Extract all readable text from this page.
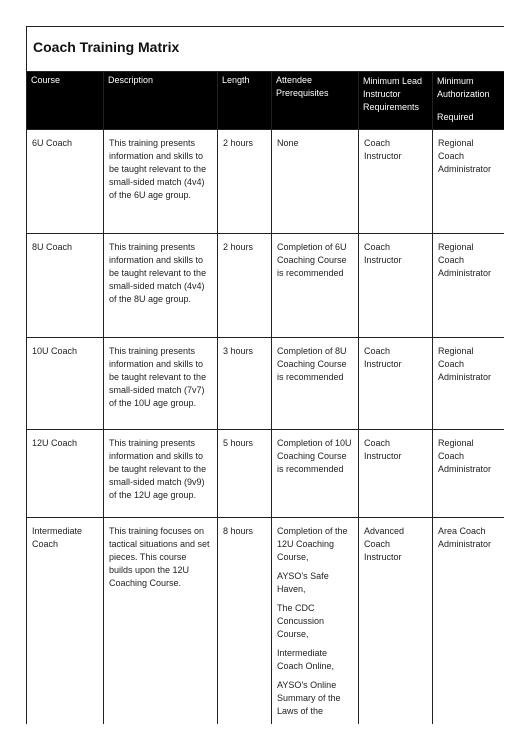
Coach Training Matrix					
Course	Description	Length	Attendee Prerequisites	Minimum Lead Instructor Requirements	Minimum Authorization
Required

6U Coach	This training presents information and skills to be taught relevant to the small-sided match (4v4) of the 6U age group.	2 hours	None	Coach Instructor	Regional Coach Administrator
8U Coach	This training presents information and skills to be taught relevant to the small-sided match (4v4) of the 8U age group.	2 hours	Completion of 6U Coaching Course is recommended	Coach Instructor	Regional Coach Administrator
10U Coach	This training presents information and skills to be taught relevant to the small-sided match (7v7) of the 10U age group.	3 hours	Completion of 8U Coaching Course is recommended	Coach Instructor	Regional Coach Administrator
12U Coach	This training presents information and skills to be taught relevant to the small-sided match (9v9) of the 12U age group.	5 hours	Completion of 10U Coaching Course is recommended	Coach Instructor	Regional Coach Administrator
Intermediate Coach	This training focuses on tactical situations and set pieces. This course builds upon the 12U Coaching Course.	8 hours	Completion of the 12U Coaching Course,
AYSO’s Safe Haven,
The CDC Concussion Course,
Intermediate Coach Online,
AYSO’s Online Summary of the Laws of the	Advanced Coach Instructor	Area Coach Administrator
